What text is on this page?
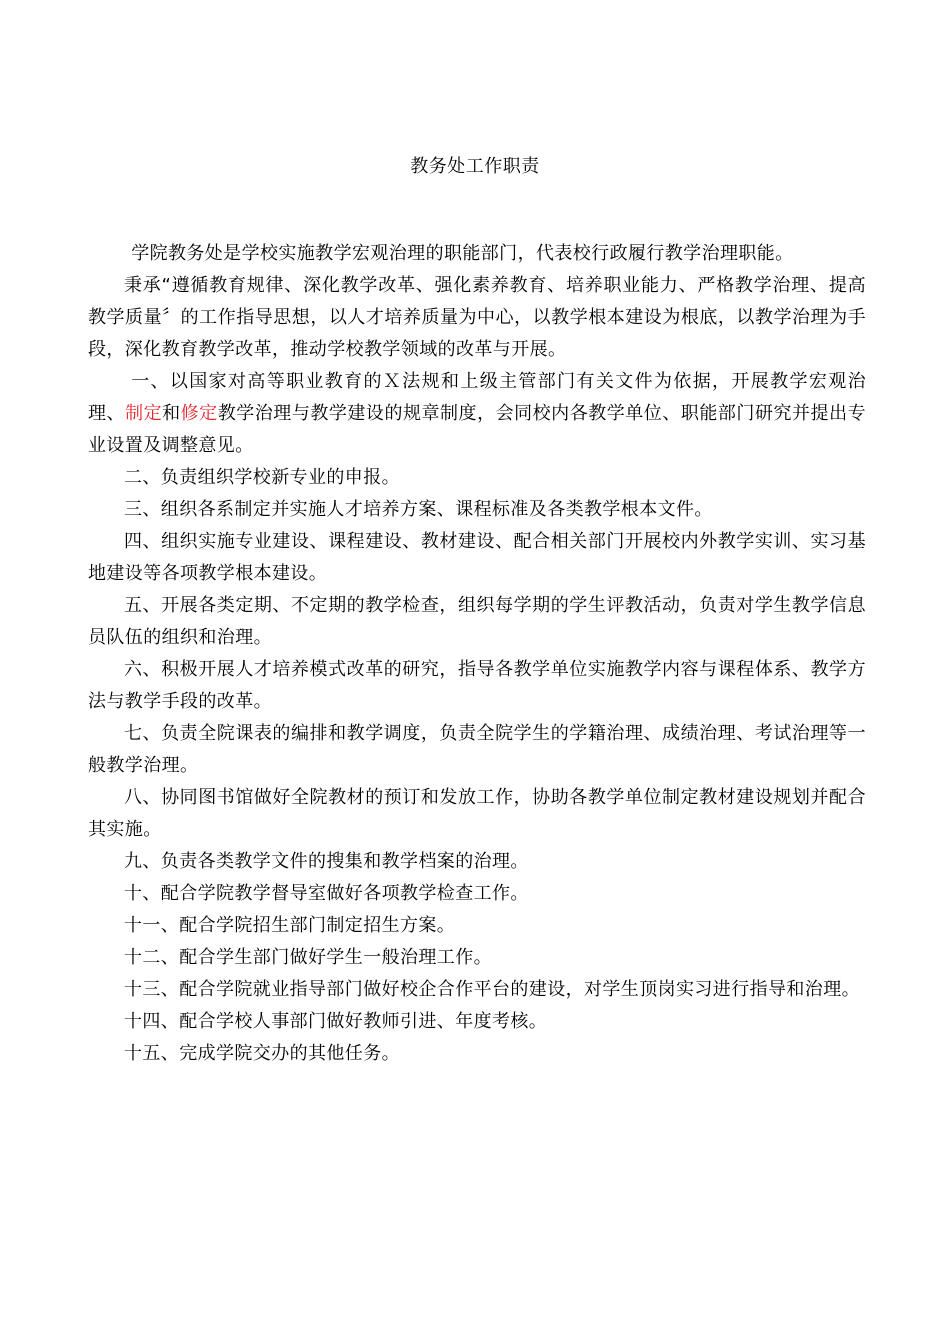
教务处工作职责

学院教务处是学校实施教学宏观治理的职能部门，代表校行政履行教学治理职能。

秉承“遵循教育规律、深化教学改革、强化素养教育、培养职业能力、严格教学治理、提高教学质量〞的工作指导思想，以人才培养质量为中心，以教学根本建设为根底，以教学治理为手段，深化教育教学改革，推动学校教学领域的改革与开展。

一、以国家对高等职业教育的Ｘ法规和上级主管部门有关文件为依据，开展教学宏观治理、制定和修定教学治理与教学建设的规章制度，会同校内各教学单位、职能部门研究并提出专业设置及调整意见。

二、负责组织学校新专业的申报。

三、组织各系制定并实施人才培养方案、课程标准及各类教学根本文件。

四、组织实施专业建设、课程建设、教材建设、配合相关部门开展校内外教学实训、实习基地建设等各项教学根本建设。

五、开展各类定期、不定期的教学检查，组织每学期的学生评教活动，负责对学生教学信息员队伍的组织和治理。

六、积极开展人才培养模式改革的研究，指导各教学单位实施教学内容与课程体系、教学方法与教学手段的改革。

七、负责全院课表的编排和教学调度，负责全院学生的学籍治理、成绩治理、考试治理等一般教学治理。

八、协同图书馆做好全院教材的预订和发放工作，协助各教学单位制定教材建设规划并配合其实施。

九、负责各类教学文件的搜集和教学档案的治理。

十、配合学院教学督导室做好各项教学检查工作。

十一、配合学院招生部门制定招生方案。

十二、配合学生部门做好学生一般治理工作。

十三、配合学院就业指导部门做好校企合作平台的建设，对学生顶岗实习进行指导和治理。

十四、配合学校人事部门做好教师引进、年度考核。

十五、完成学院交办的其他任务。
